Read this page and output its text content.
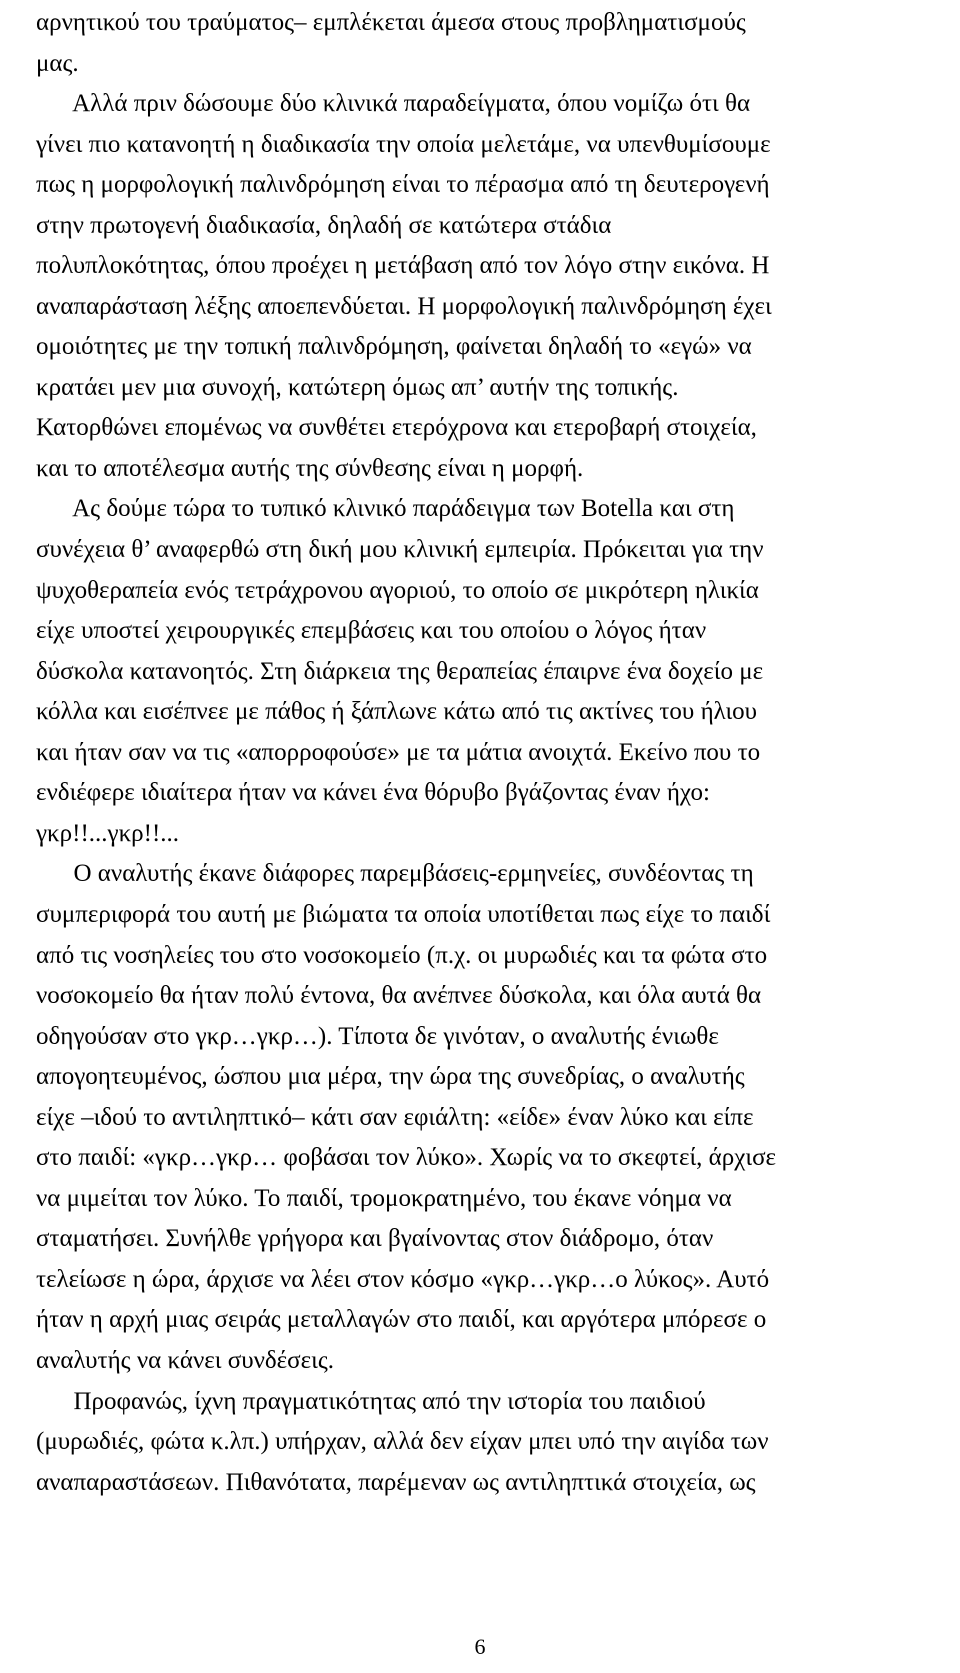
αρνητικού του τραύματος– εμπλέκεται άμεσα στους προβληματισμούς
μας.
Αλλά πριν δώσουμε δύο κλινικά παραδείγματα, όπου νομίζω ότι θα
γίνει πιο κατανοητή η διαδικασία την οποία μελετάμε, να υπενθυμίσουμε
πως η μορφολογική παλινδρόμηση είναι το πέρασμα από τη δευτερογενή
στην πρωτογενή διαδικασία, δηλαδή σε κατώτερα στάδια
πολυπλοκότητας, όπου προέχει η μετάβαση από τον λόγο στην εικόνα. Η
αναπαράσταση λέξης αποεπενδύεται. Η μορφολογική παλινδρόμηση έχει
ομοιότητες με την τοπική παλινδρόμηση, φαίνεται δηλαδή το «εγώ» να
κρατάει μεν μια συνοχή, κατώτερη όμως απ’ αυτήν της τοπικής.
Κατορθώνει επομένως να συνθέτει ετερόχρονα και ετεροβαρή στοιχεία,
και το αποτέλεσμα αυτής της σύνθεσης είναι η μορφή.
Ας δούμε τώρα το τυπικό κλινικό παράδειγμα των Botella και στη
συνέχεια θ’ αναφερθώ στη δική μου κλινική εμπειρία. Πρόκειται για την
ψυχοθεραπεία ενός τετράχρονου αγοριού, το οποίο σε μικρότερη ηλικία
είχε υποστεί χειρουργικές επεμβάσεις και του οποίου ο λόγος ήταν
δύσκολα κατανοητός. Στη διάρκεια της θεραπείας έπαιρνε ένα δοχείο με
κόλλα και εισέπνεε με πάθος ή ξάπλωνε κάτω από τις ακτίνες του ήλιου
και ήταν σαν να τις «απορροφούσε» με τα μάτια ανοιχτά. Εκείνο που το
ενδιέφερε ιδιαίτερα ήταν να κάνει ένα θόρυβο βγάζοντας έναν ήχο:
γκρ!!...γκρ!!...
Ο αναλυτής έκανε διάφορες παρεμβάσεις-ερμηνείες, συνδέοντας τη
συμπεριφορά του αυτή με βιώματα τα οποία υποτίθεται πως είχε το παιδί
από τις νοσηλείες του στο νοσοκομείο (π.χ. οι μυρωδιές και τα φώτα στο
νοσοκομείο θα ήταν πολύ έντονα, θα ανέπνεε δύσκολα, και όλα αυτά θα
οδηγούσαν στο γκρ…γκρ…). Τίποτα δε γινόταν, ο αναλυτής ένιωθε
απογοητευμένος, ώσπου μια μέρα, την ώρα της συνεδρίας, ο αναλυτής
είχε –ιδού το αντιληπτικό– κάτι σαν εφιάλτη: «είδε» έναν λύκο και είπε
στο παιδί: «γκρ…γκρ… φοβάσαι τον λύκο». Χωρίς να το σκεφτεί, άρχισε
να μιμείται τον λύκο. Το παιδί, τρομοκρατημένο, του έκανε νόημα να
σταματήσει. Συνήλθε γρήγορα και βγαίνοντας στον διάδρομο, όταν
τελείωσε η ώρα, άρχισε να λέει στον κόσμο «γκρ…γκρ…ο λύκος». Αυτό
ήταν η αρχή μιας σειράς μεταλλαγών στο παιδί, και αργότερα μπόρεσε ο
αναλυτής να κάνει συνδέσεις.
Προφανώς, ίχνη πραγματικότητας από την ιστορία του παιδιού
(μυρωδιές, φώτα κ.λπ.) υπήρχαν, αλλά δεν είχαν μπει υπό την αιγίδα των
αναπαραστάσεων. Πιθανότατα, παρέμεναν ως αντιληπτικά στοιχεία, ως
6
